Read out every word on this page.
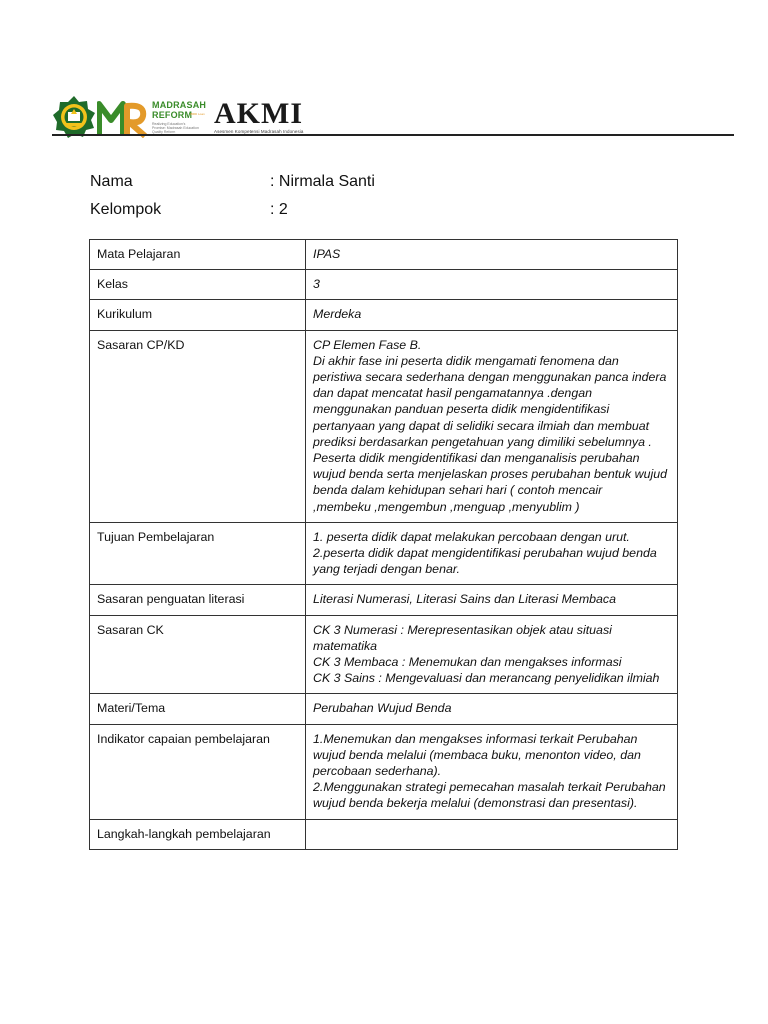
MADRASAH
REFORM
Realizing Education's Promise: Madrasah Education Quality Reform
IBRD Loan AKMI
Asesmen Kompetensi Madrasah Indonesia
Nama	: Nirmala Santi
Kelompok	: 2
Mata Pelajaran	IPAS
Kelas	3
Kurikulum	Merdeka
Sasaran CP/KD	CP Elemen Fase B.
Di akhir fase ini peserta didik mengamati fenomena dan peristiwa secara sederhana dengan menggunakan panca indera dan dapat mencatat hasil pengamatannya .dengan menggunakan panduan peserta didik mengidentifikasi pertanyaan yang dapat di selidiki secara ilmiah dan membuat prediksi berdasarkan pengetahuan yang dimiliki sebelumnya . Peserta didik mengidentifikasi dan menganalisis perubahan wujud benda serta menjelaskan proses perubahan bentuk wujud benda dalam kehidupan sehari hari ( contoh mencair
,membeku ,mengembun ,menguap ,menyublim )
Tujuan Pembelajaran	1. peserta didik dapat melakukan percobaan dengan urut.
2.peserta didik dapat mengidentifikasi perubahan wujud benda yang terjadi dengan benar.
Sasaran penguatan literasi	Literasi Numerasi, Literasi Sains dan Literasi Membaca
Sasaran CK	CK 3 Numerasi : Merepresentasikan objek atau situasi matematika
CK 3 Membaca : Menemukan dan mengakses informasi
CK 3 Sains : Mengevaluasi dan merancang penyelidikan ilmiah
Materi/Tema	Perubahan Wujud Benda
Indikator capaian pembelajaran	1.Menemukan dan mengakses informasi terkait Perubahan wujud benda melalui (membaca buku, menonton video, dan percobaan sederhana).
2.Menggunakan strategi pemecahan masalah terkait Perubahan wujud benda bekerja melalui (demonstrasi dan presentasi).
Langkah-langkah pembelajaran	
